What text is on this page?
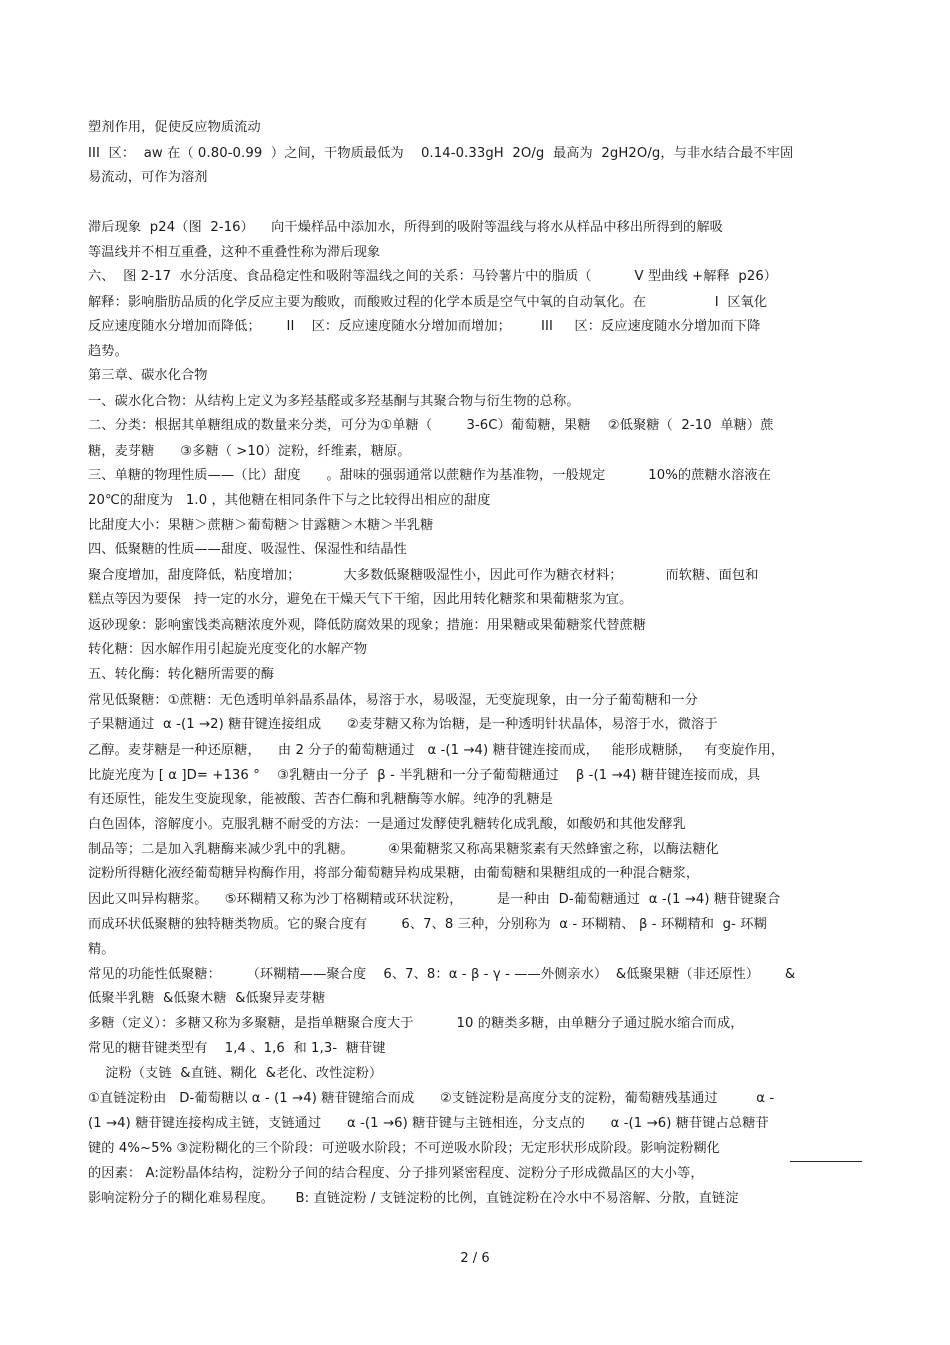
塑剂作用，促使反应物质流动
III  区：  aw 在（ 0.80-0.99  ）之间，干物质最低为    0.14-0.33gH  2O/g  最高为  2gH2O/g，与非水结合最不牢固
易流动，可作为溶剂
滞后现象  p24（图  2-16）    向干燥样品中添加水，所得到的吸附等温线与将水从样品中移出所得到的解吸
等温线并不相互重叠，这种不重叠性称为滞后现象
六、  图 2-17  水分活度、食品稳定性和吸附等温线之间的关系：马铃薯片中的脂质（          V 型曲线 +解释  p26）
解释：影响脂肪品质的化学反应主要为酸败，而酸败过程的化学本质是空气中氧的自动氧化。在                I  区氧化
反应速度随水分增加而降低；      II    区：反应速度随水分增加而增加；       III     区：反应速度随水分增加而下降
趋势。
第三章、碳水化合物
一、碳水化合物：从结构上定义为多羟基醛或多羟基酮与其聚合物与衍生物的总称。
二、分类：根据其单糖组成的数量来分类，可分为①单糖（        3-6C）葡萄糖，果糖    ②低聚糖（  2-10  单糖）蔗
糖，麦芽糖      ③多糖（ >10）淀粉，纤维素，糖原。
三、单糖的物理性质——（比）甜度      。甜味的强弱通常以蔗糖作为基准物，一般规定          10%的蔗糖水溶液在
20℃的甜度为   1.0 ，其他糖在相同条件下与之比较得出相应的甜度
比甜度大小：果糖＞蔗糖＞葡萄糖＞甘露糖＞木糖＞半乳糖
四、低聚糖的性质——甜度、吸湿性、保湿性和结晶性
聚合度增加，甜度降低，粘度增加；          大多数低聚糖吸湿性小，因此可作为糖衣材料；          而软糖、面包和
糕点等因为要保   持一定的水分，避免在干燥天气下干缩，因此用转化糖浆和果葡糖浆为宜。
返砂现象：影响蜜饯类高糖浓度外观，降低防腐效果的现象；措施：用果糖或果葡糖浆代替蔗糖
转化糖：因水解作用引起旋光度变化的水解产物
五、转化酶：转化糖所需要的酶
常见低聚糖：①蔗糖：无色透明单斜晶系晶体，易溶于水，易吸湿，无变旋现象，由一分子葡萄糖和一分
子果糖通过  α -(1 →2) 糖苷键连接组成      ②麦芽糖又称为饴糖，是一种透明针状晶体，易溶于水，微溶于
乙醇。麦芽糖是一种还原糖，    由 2 分子的葡萄糖通过   α -(1 →4) 糖苷键连接而成，   能形成糖脎，   有变旋作用，
比旋光度为 [ α ]D= +136 °    ③乳糖由一分子  β - 半乳糖和一分子葡萄糖通过    β -(1 →4) 糖苷键连接而成，具
有还原性，能发生变旋现象，能被酸、苦杏仁酶和乳糖酶等水解。纯净的乳糖是
白色固体，溶解度小。克服乳糖不耐受的方法：一是通过发酵使乳糖转化成乳酸，如酸奶和其他发酵乳
制品等；二是加入乳糖酶来减少乳中的乳糖。        ④果葡糖浆又称高果糖浆素有天然蜂蜜之称，以酶法糖化
淀粉所得糖化液经葡萄糖异构酶作用，将部分葡萄糖异构成果糖，由葡萄糖和果糖组成的一种混合糖浆，
因此又叫异构糖浆。    ⑤环糊精又称为沙丁格糊精或环状淀粉，        是一种由  D-葡萄糖通过  α -(1 →4) 糖苷键聚合
而成环状低聚糖的独特糖类物质。它的聚合度有        6、7、8 三种，分别称为  α - 环糊精、 β - 环糊精和  g- 环糊
精。
常见的功能性低聚糖：      （环糊精——聚合度    6、7、8：α - β - γ - ——外侧亲水）  &低聚果糖（非还原性）      &
低聚半乳糖  &低聚木糖  &低聚异麦芽糖
多糖（定义）：多糖又称为多聚糖，是指单糖聚合度大于          10 的糖类多糖，由单糖分子通过脱水缩合而成，
常见的糖苷键类型有    1,4 、1,6  和 1,3-  糖苷键
淀粉（支链  &直链、糊化  &老化、改性淀粉）
①直链淀粉由   D-葡萄糖以 α - (1 →4) 糖苷键缩合而成      ②支链淀粉是高度分支的淀粉，葡萄糖残基通过         α -
(1 →4) 糖苷键连接构成主链，支链通过      α -(1 →6) 糖苷键与主链相连，分支点的      α -(1 →6) 糖苷键占总糖苷
键的 4%~5% ③淀粉糊化的三个阶段：可逆吸水阶段；不可逆吸水阶段；无定形状形成阶段。影响淀粉糊化
的因素： A:淀粉晶体结构，淀粉分子间的结合程度、分子排列紧密程度、淀粉分子形成微晶区的大小等，
影响淀粉分子的糊化难易程度。     B: 直链淀粉 / 支链淀粉的比例，直链淀粉在冷水中不易溶解、分散，直链淀
2 / 6
